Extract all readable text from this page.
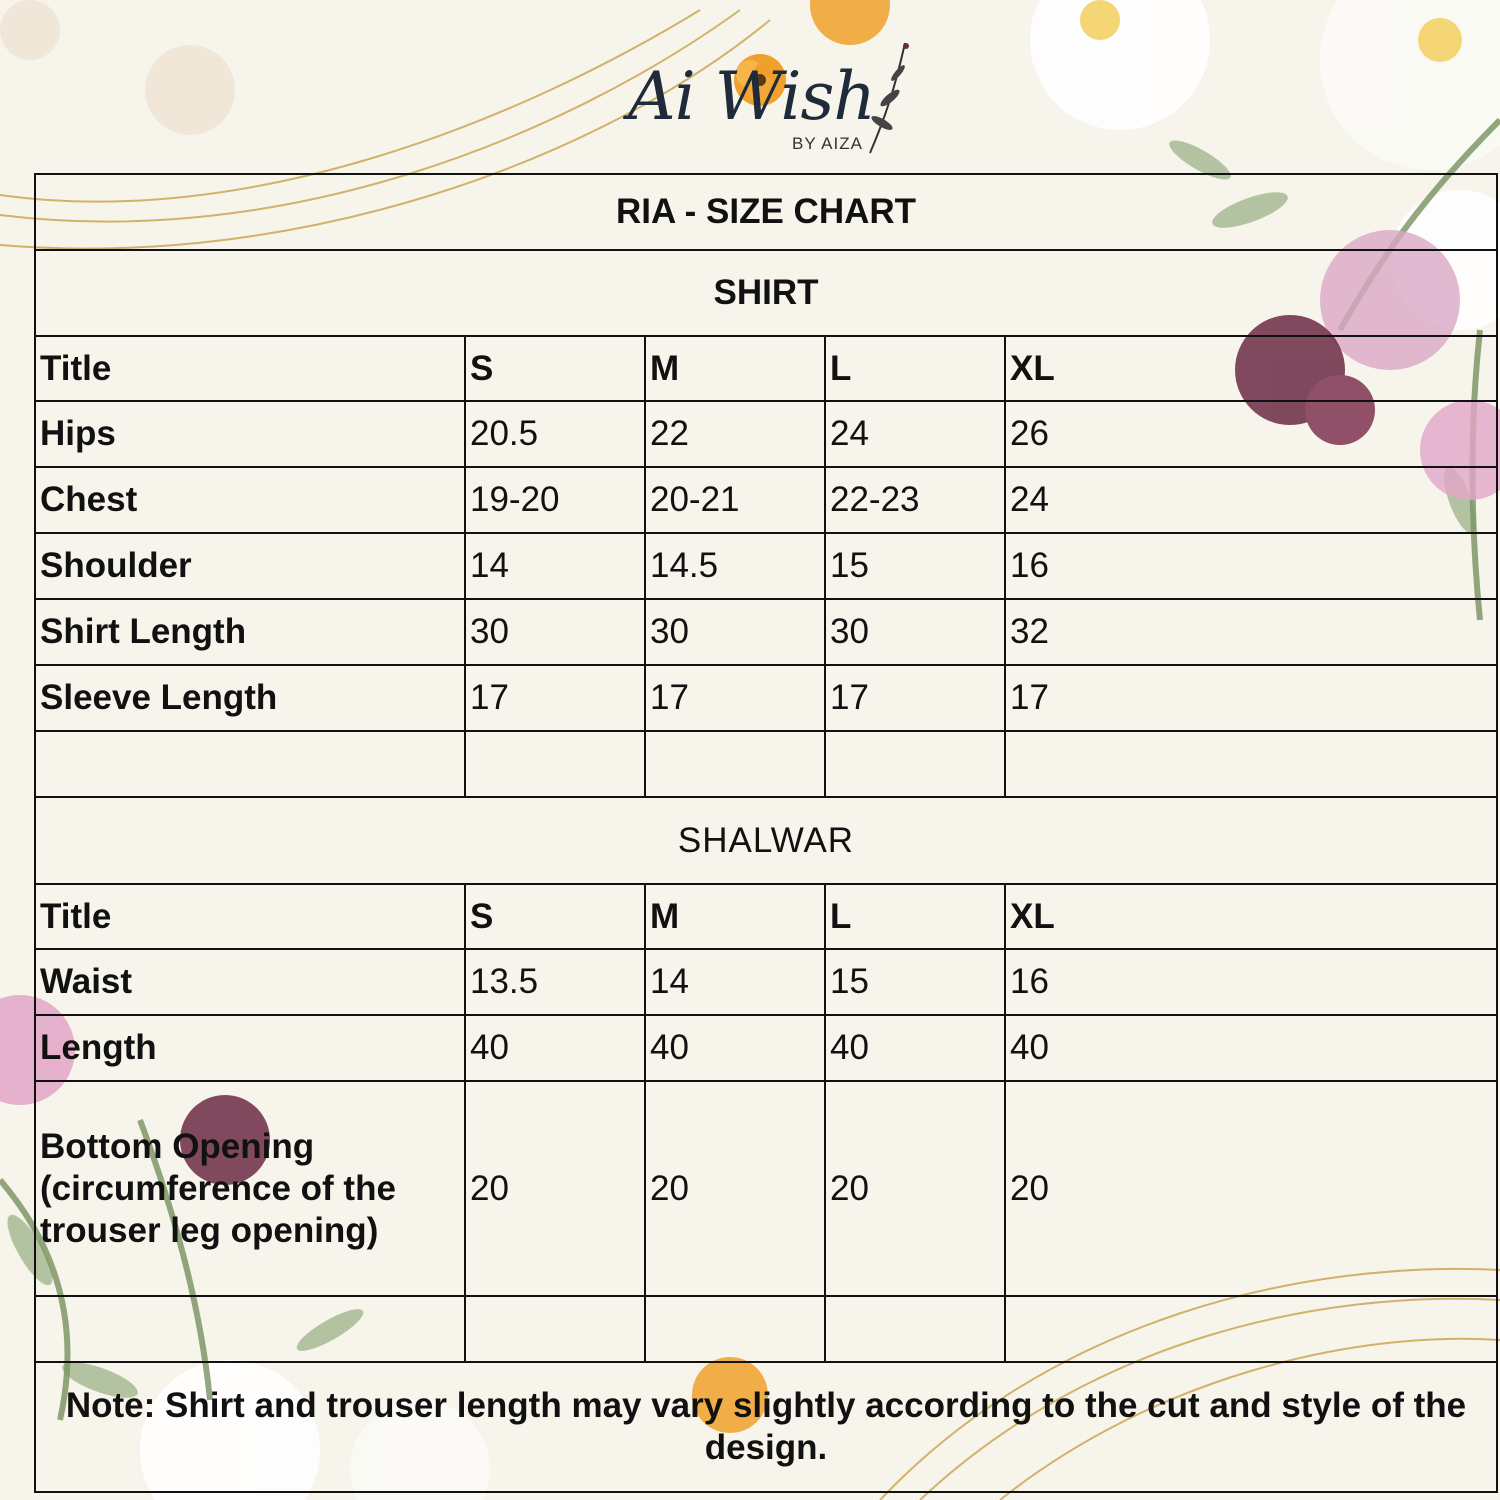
Ai Wish
BY AIZA
RIA - SIZE CHART				
SHIRT				
Title	S	M	L	XL
Hips	20.5	22	24	26
Chest	19-20	20-21	22-23	24
Shoulder	14	14.5	15	16
Shirt Length	30	30	30	32
Sleeve Length	17	17	17	17

SHALWAR				
Title	S	M	L	XL
Waist	13.5	14	15	16
Length	40	40	40	40
Bottom Opening (circumference of the trouser leg opening)	20	20	20	20

Note: Shirt and trouser length may vary slightly according to the cut and style of the design.				
